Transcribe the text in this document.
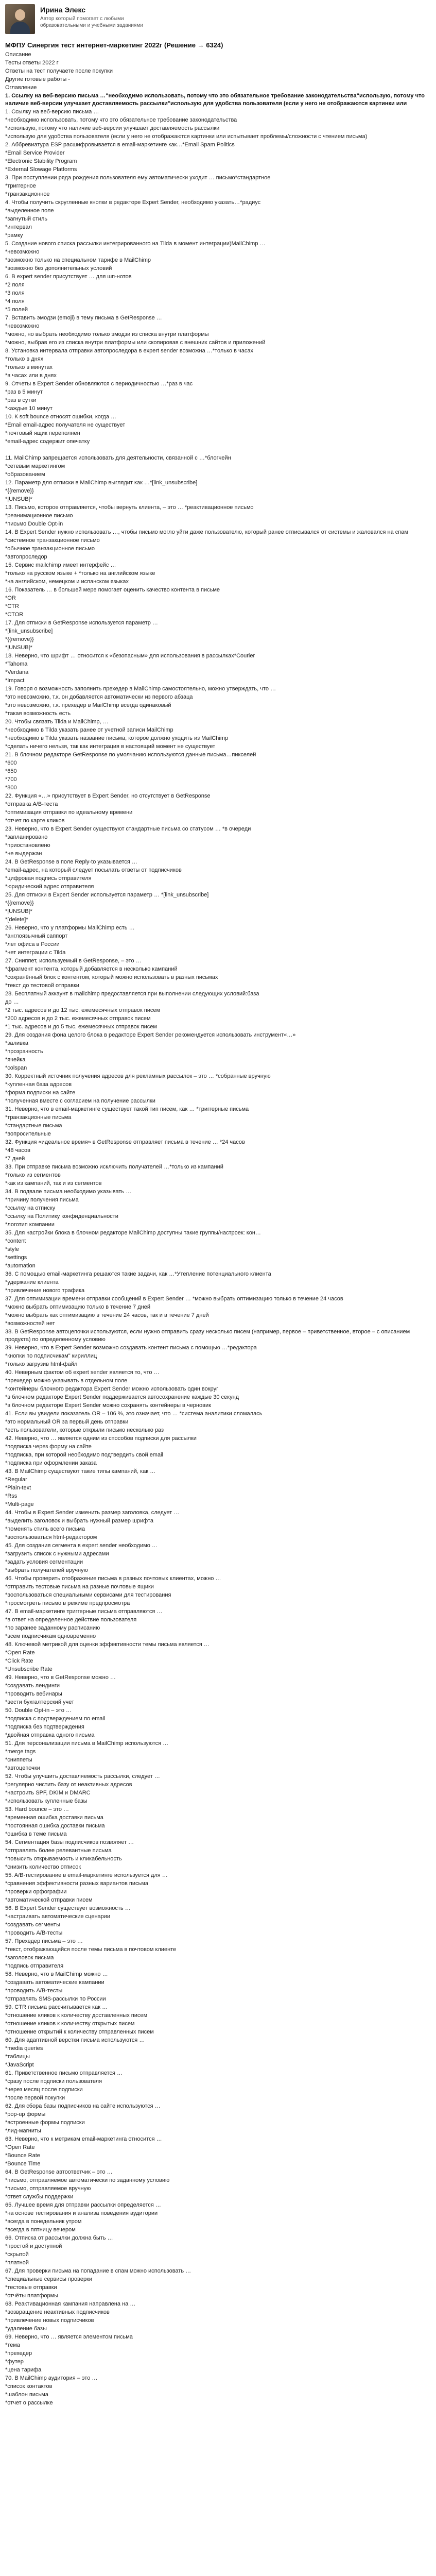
Ирина Элекс
Автор который помогает с любыми образовательными и учебными заданиями
МФПУ Синергия тест интернет-маркетинг 2022г (Решение → 6324)
Описание
Тесты ответы 2022 г
Ответы на тест получаете после покупки
Другие готовые работы -
Оглавление
1. Ссылку на веб-версию письма …"необходимо использовать, потому что это обязательное требование законодательства"использую, потому что наличие веб-версии улучшает доставляемость рассылки"использую для удобства пользователя (если у него не отображаются картинки или
1. Ссылку на веб-версию письма …
*необходимо использовать, потому что это обязательное требование законодательства
*использую, потому что наличие веб-версии улучшает доставляемость рассылки
*использую для удобства пользователя (если у него не отображаются картинки или испытывает проблемы/сложности с чтением письма)
2. Аббревиатура ESP расшифровывается в email-маркетинге как…*Email Spam Politics
*Email Service Provider
*Electronic Stability Program
*External Slowage Platforms
3. При поступлении ряда рождения пользователя ему автоматически уходит … письмо*стандартное
*триггерное
*транзакционное
4. Чтобы получить скругленные кнопки в редакторе Expert Sender, необходимо указать…*радиус
*выделенное поле
*загнутый стиль
*интервал
*рамку
5. Создание нового списка рассылки интегрированного на Tilda в момент интеграции)MailChimp …
*невозможно
*возможно только на специальном тарифе в MailChimp
*возможно без дополнительных условий
6. В expert sender присутствует … для шп-нотов
*2 поля
*3 поля
*4 поля
*5 полей
7. Вставить эмодзи (emoji) в тему письма в GetResponse …
*невозможно
*можно, но выбрать необходимо только эмодзи из списка внутри платформы
*можно, выбрав его из списка внутри платформы или скопировав с внешних сайтов и приложений
8. Установка интервала отправки автопроследора в expert sender возможна …*только в часах
*только в днях
*только в минутах
*в часах или в днях
9. Отчеты в Expert Sender обновляются с периодичностью …*раз в час
*раз в 5 минут
*раз в сутки
*каждые 10 минут
10. К soft bounce относят ошибки, когда …
*Email email-адрес получателя не существует
*почтовый ящик переполнен
*email-адрес содержит опечатку

11. MailChimp запрещается использовать для деятельности, связанной с …*блогчейн
*сетевым маркетингом
*образованием
12. Параметр для отписки в MailChimp выглядит как …*[link_unsubscribe]
*{{remove}}
*|UNSUB|*
13. Письмо, которое отправляется, чтобы вернуть клиента, – это … *реактивационное письмо
*реанимационное письмо
*письмо Double Opt-in
14. В Expert Sender нужно использовать …, чтобы письмо могло уйти даже пользователю, который ранее отписывался от системы и жаловался на спам
*системное транзакционное письмо
*обычное транзакционное письмо
*автопроследор
15. Сервис mailchimp имеет интерфейс …
*только на русском языке + *только на английском языке
*на английском, немецком и испанском языках
16. Показатель … в большей мере помогает оценить качество контента в письме
*OR
*CTR
*CTOR
17. Для отписки в GetResponse используется параметр …
*[link_unsubscribe]
*{{remove}}
*|UNSUB|*
18. Неверно, что шрифт … относится к «безопасным» для использования в рассылках*Courier
*Tahoma
*Verdana
*Impact
19. Говоря о возможность заполнить прехедер в MailChimp самостоятельно, можно утверждать, что …
*это невозможно, т.к. он добавляется автоматически из первого абзаца
*это невозможно, т.к. прехедер в MailChimp всегда одинаковый
*такая возможность есть
20. Чтобы связать Tilda и MailChimp, …
*необходимо в Tilda указать ранее от учетной записи MailChimp
*необходимо в Tilda указать название письма, которое должно уходить из MailChimp
*сделать ничего нельзя, так как интеграция в настоящий момент не существует
21. В блочном редакторе GetResponse по умолчанию используются данные письма…пикселей
*600
*650
*700
*800
22. Функция «…» присутствует в Expert Sender, но отсутствует в GetResponse
*отправка A/B-теста
*оптимизация отправки по идеальному времени
*отчет по карте кликов
23. Неверно, что в Expert Sender существуют стандартные письма со статусом … *в очереди
*запланировано
*приостановлено
*не выдержан
24. В GetResponse в поле Reply-to указывается …
*email-адрес, на который следует посылать ответы от подписчиков
*цифровая подпись отправителя
*юридический адрес отправителя
25. Для отписки в Expert Sender используется параметр … *[link_unsubscribe]
*{{remove}}
*|UNSUB|*
*[delete]*
26. Неверно, что у платформы MailChimp есть …
*англоязычный саппорт
*лет офиса в России
*нет интеграции с Tilda
27. Сниппет, используемый в GetResponse, – это …
*фрагмент контента, который добавляется в несколько кампаний
*сохранённый блок с контентом, который можно использовать в разных письмах
*текст до тестовой отправки
28. Бесплатный аккаунт в mailchimp предоставляется при выполнении следующих условий:база
до …
*2 тыс. адресов и до 12 тыс. ежемесячных отправок писем
*200 адресов и до 2 тыс. ежемесячных отправок писем
*1 тыс. адресов и до 5 тыс. ежемесячных отправок писем
29. Для создания фона целого блока в редакторе Expert Sender рекомендуется использовать инструмент«…»
*заливка
*прозрачность
*ячейка
*colspan
30. Корректный источник получения адресов для рекламных рассылок – это … *собранные вручную
*купленная база адресов
*форма подписки на сайте
*полученная вместе с согласием на получение рассылки
31. Неверно, что в email-маркетинге существует такой тип писем, как … *триггерные письма
*транзакционные письма
*стандартные письма
*вопросительные
32. Функция «идеальное время» в GetResponse отправляет письма в течение … *24 часов
*48 часов
*7 дней
33. При отправке письма возможно исключить получателей …*только из кампаний
*только из сегментов
*как из кампаний, так и из сегментов
34. В подвале письма необходимо указывать …
*причину получения письма
*ссылку на отписку
*ссылку на Политику конфиденциальности
*логотип компании
35. Для настройки блока в блочном редакторе MailChimp доступны такие группы/настроек: кон…
*content
*style
*settings
*automation
36. С помощью email-маркетинга решаются такие задачи, как …*Утепление потенциального клиента
*удержание клиента
*привлечение нового трафика
37. Для оптимизации времени отправки сообщений в Expert Sender … *можно выбрать оптимизацию только в течение 24 часов
*можно выбрать оптимизацию только в течение 7 дней
*можно выбрать как оптимизацию в течение 24 часов, так и в течение 7 дней
*возможностей нет
38. В GetResponse автоцепочки используются, если нужно отправить сразу несколько писем (например, первое – приветственное, второе – с описанием продукта) по определенному условию
39. Неверно, что в Expert Sender возможно создавать контент письма с помощью …*редактора
*кнопки по подписчикам" кириллиц
*только загрузив html-файл
40. Неверным фактом об expert sender является то, что …
*прехедер можно указывать в отдельном поле
*контейнеры блочного редактора Expert Sender можно использовать один вокруг
*в блочном редакторе Expert Sender поддерживается автосохранение каждые 30 секунд
*в блочном редакторе Expert Sender можно сохранять контейнеры в черновик
41. Если вы увидели показатель OR – 106 %, это означает, что … *система аналитики сломалась
*это нормальный OR за первый день отправки
*есть пользователи, которые открыли письмо несколько раз
42. Неверно, что … является одним из способов подписки для рассылки
*подписка через форму на сайте
*подписка, при которой необходимо подтвердить свой email
*подписка при оформлении заказа
43. В MailChimp существуют такие типы кампаний, как …
*Regular
*Plain-text
*Rss
*Multi-page
44. Чтобы в Expert Sender изменить размер заголовка, следует …
*выделить заголовок и выбрать нужный размер шрифта
*поменять стиль всего письма
*воспользоваться html-редактором
45. Для создания сегмента в expert sender необходимо …
*загрузить список с нужными адресами
*задать условия сегментации
*выбрать получателей вручную
46. Чтобы проверить отображение письма в разных почтовых клиентах, можно …
*отправить тестовые письма на разные почтовые ящики
*воспользоваться специальными сервисами для тестирования
*просмотреть письмо в режиме предпросмотра
47. В email-маркетинге триггерные письма отправляются …
*в ответ на определенное действие пользователя
*по заранее заданному расписанию
*всем подписчикам одновременно
48. Ключевой метрикой для оценки эффективности темы письма является …
*Open Rate
*Click Rate
*Unsubscribe Rate
49. Неверно, что в GetResponse можно …
*создавать лендинги
*проводить вебинары
*вести бухгалтерский учет
50. Double Opt-in – это …
*подписка с подтверждением по email
*подписка без подтверждения
*двойная отправка одного письма
51. Для персонализации письма в MailChimp используются …
*merge tags
*сниппеты
*автоцепочки
52. Чтобы улучшить доставляемость рассылки, следует …
*регулярно чистить базу от неактивных адресов
*настроить SPF, DKIM и DMARC
*использовать купленные базы
53. Hard bounce – это …
*временная ошибка доставки письма
*постоянная ошибка доставки письма
*ошибка в теме письма
54. Сегментация базы подписчиков позволяет …
*отправлять более релевантные письма
*повысить открываемость и кликабельность
*снизить количество отписок
55. A/B-тестирование в email-маркетинге используется для …
*сравнения эффективности разных вариантов письма
*проверки орфографии
*автоматической отправки писем
56. В Expert Sender существует возможность …
*настраивать автоматические сценарии
*создавать сегменты
*проводить A/B-тесты
57. Прехедер письма – это …
*текст, отображающийся после темы письма в почтовом клиенте
*заголовок письма
*подпись отправителя
58. Неверно, что в MailChimp можно …
*создавать автоматические кампании
*проводить A/B-тесты
*отправлять SMS-рассылки по России
59. CTR письма рассчитывается как …
*отношение кликов к количеству доставленных писем
*отношение кликов к количеству открытых писем
*отношение открытий к количеству отправленных писем
60. Для адаптивной верстки письма используются …
*media queries
*таблицы
*JavaScript
61. Приветственное письмо отправляется …
*сразу после подписки пользователя
*через месяц после подписки
*после первой покупки
62. Для сбора базы подписчиков на сайте используются …
*pop-up формы
*встроенные формы подписки
*лид-магниты
63. Неверно, что к метрикам email-маркетинга относится …
*Open Rate
*Bounce Rate
*Bounce Time
64. В GetResponse автоответчик – это …
*письмо, отправляемое автоматически по заданному условию
*письмо, отправляемое вручную
*ответ службы поддержки
65. Лучшее время для отправки рассылки определяется …
*на основе тестирования и анализа поведения аудитории
*всегда в понедельник утром
*всегда в пятницу вечером
66. Отписка от рассылки должна быть …
*простой и доступной
*скрытой
*платной
67. Для проверки письма на попадание в спам можно использовать …
*специальные сервисы проверки
*тестовые отправки
*отчёты платформы
68. Реактивационная кампания направлена на …
*возвращение неактивных подписчиков
*привлечение новых подписчиков
*удаление базы
69. Неверно, что … является элементом письма
*тема
*прехедер
*футер
*цена тарифа
70. В MailChimp аудитория – это …
*список контактов
*шаблон письма
*отчет о рассылке
